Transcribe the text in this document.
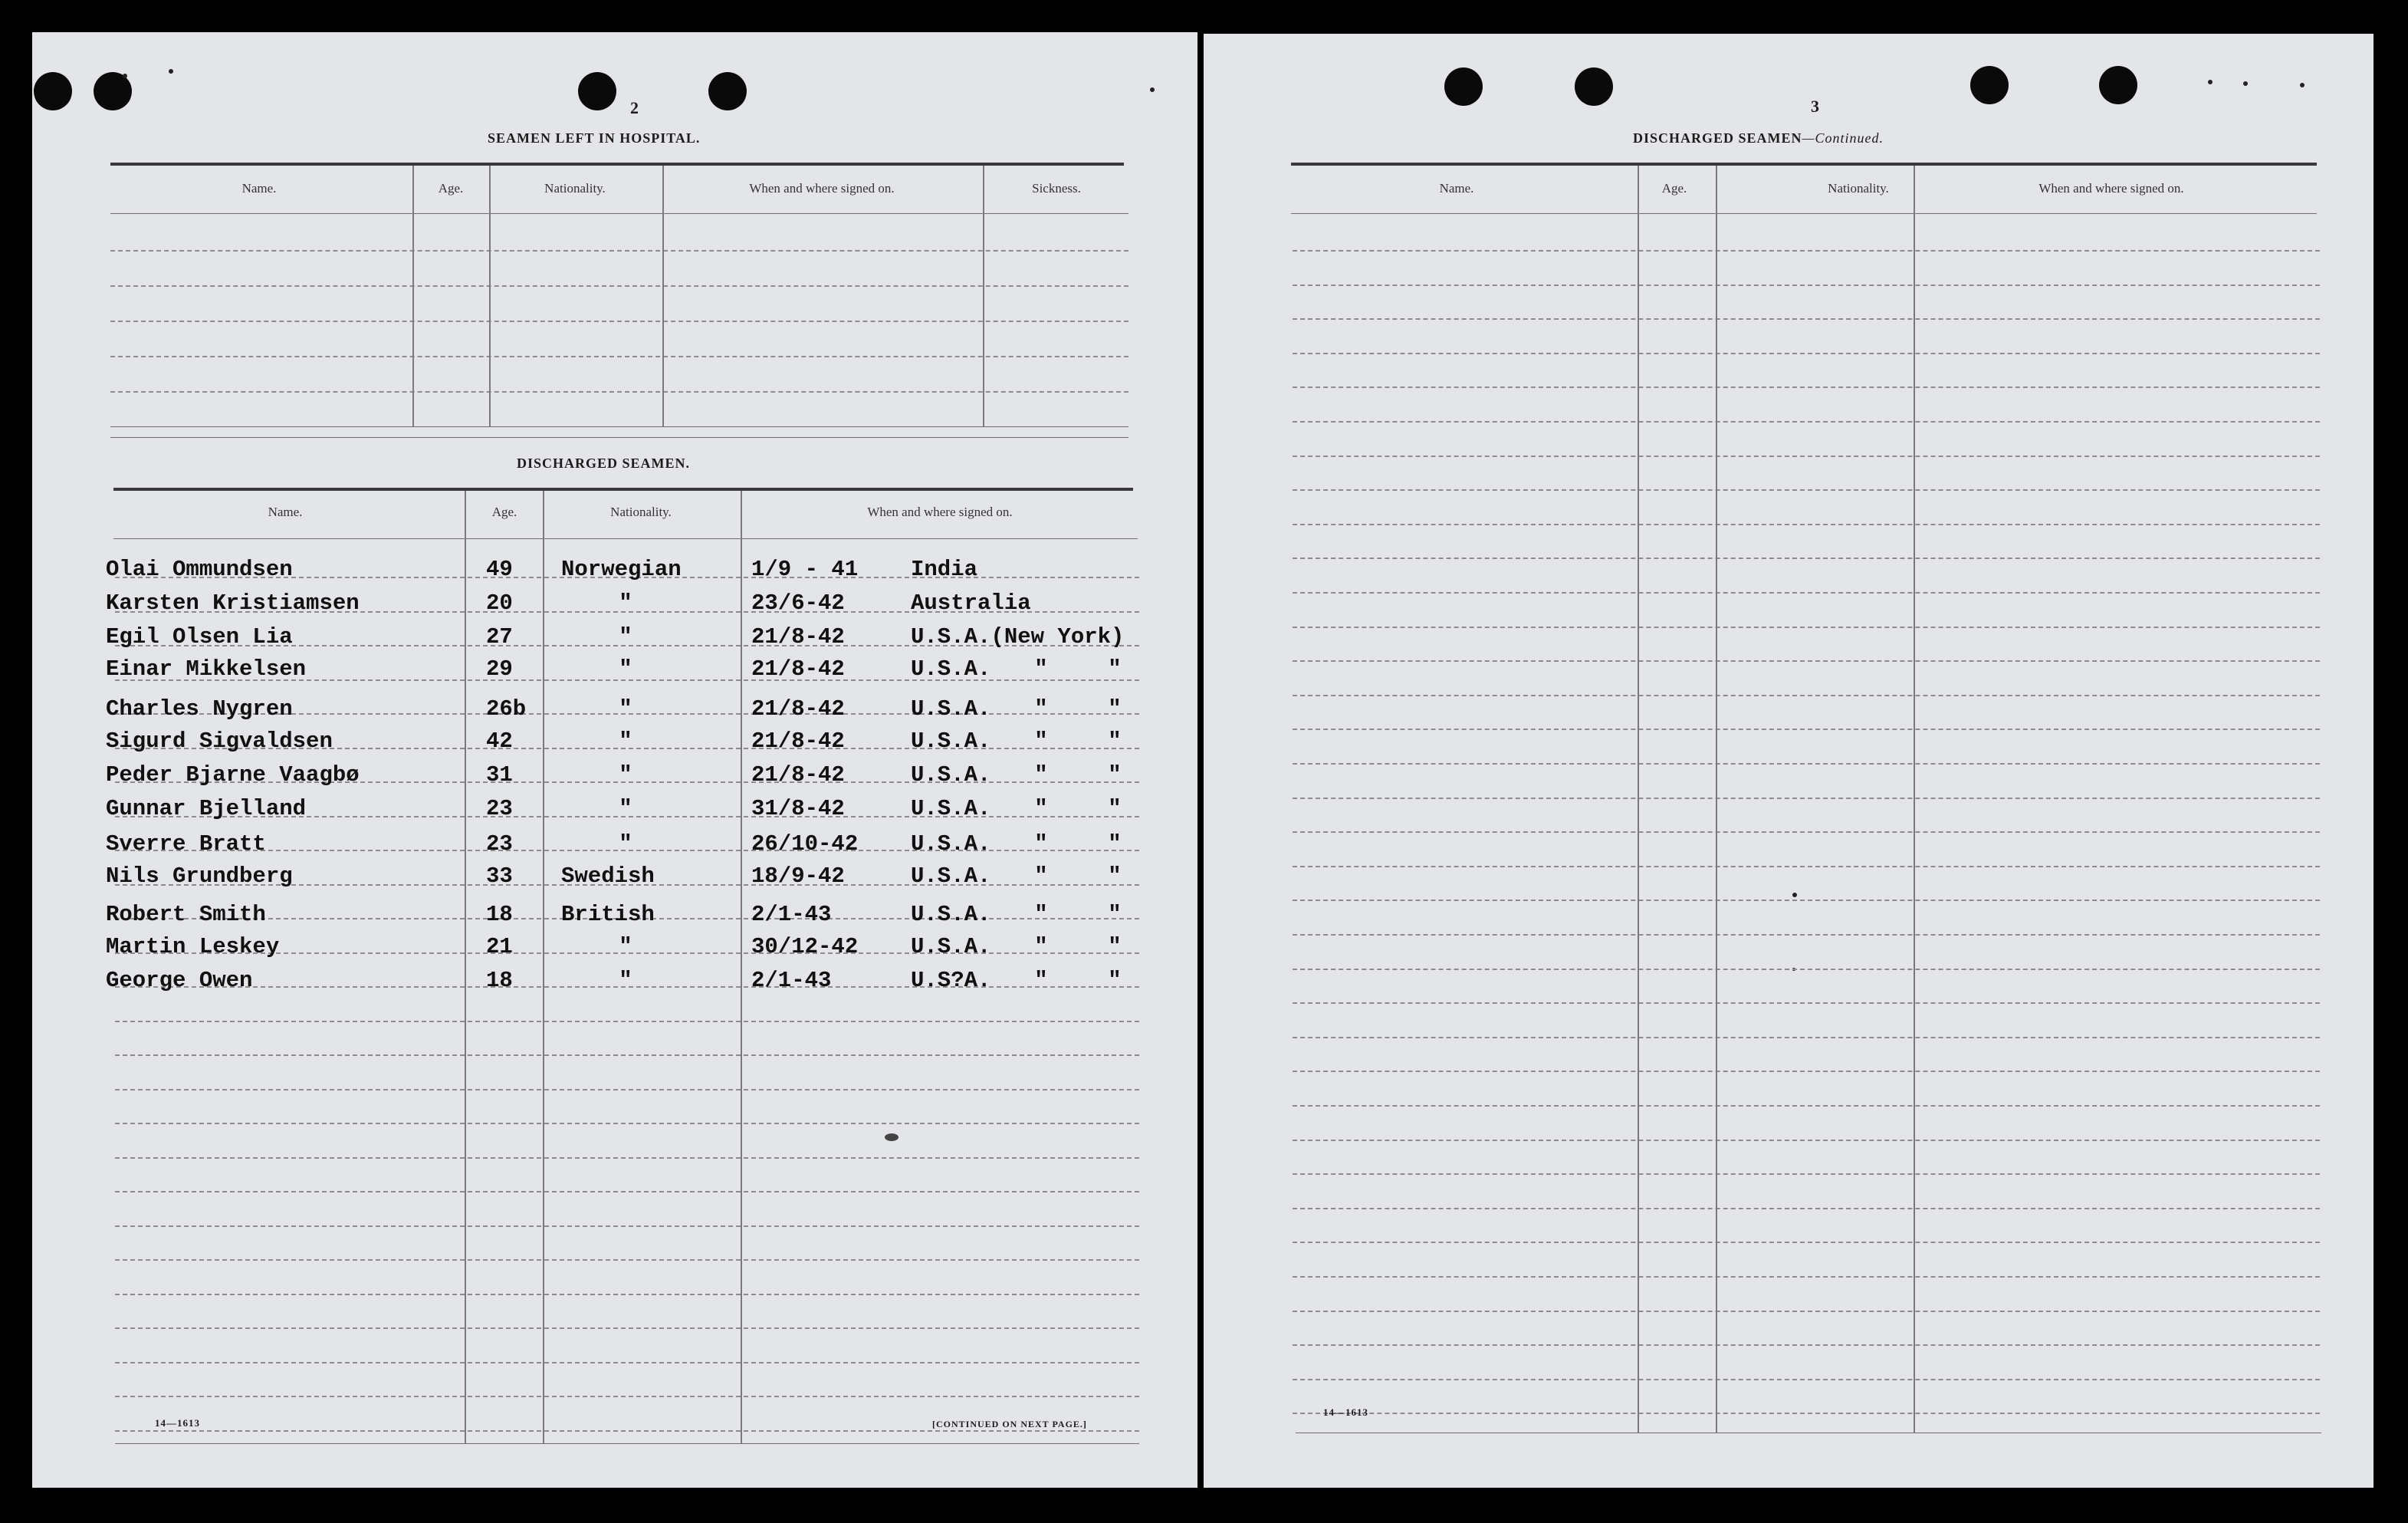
2
SEAMEN LEFT IN HOSPITAL.
Name.	Age.	Nationality.	When and where signed on.	Sickness.
DISCHARGED SEAMEN.
Name.	Age.	Nationality.	When and where signed on.
Olai Ommundsen	49 Norwegian	1/9 - 41 India
Karsten Kristiamsen	20	"	23/6-42	Australia
Egil Olsen Lia	27	"	21/8-42	U.S.A.(New York)
Einar Mikkelsen	29	"	21/8-42	U.S.A. "	"
Charles Nygren	26b	"	21/8-42	U.S.A. "	"
Sigurd Sigvaldsen	42	"	21/8-42	U.S.A. "	"
Peder Bjarne Vaagbø	31	"	21/8-42	U.S.A. "	"
Gunnar Bjelland	23	"	31/8-42	U.S.A. "	"
Sverre Bratt	23	"	26/10-42 U.S.A. "	"
Nils Grundberg	33 Swedish	18/9-42	U.S.A. "	"
Robert Smith	18 British	2/1-43	U.S.A. "	"
Martin Leskey	21	"	30/12-42 U.S.A. "	"
George Owen	18	"	2/1-43	U.S?A. "	"
14—1613	[CONTINUED ON NEXT PAGE.]
3
DISCHARGED SEAMEN—Continued.
Name.	Age.	Nationality.	When and where signed on.
14—1613
